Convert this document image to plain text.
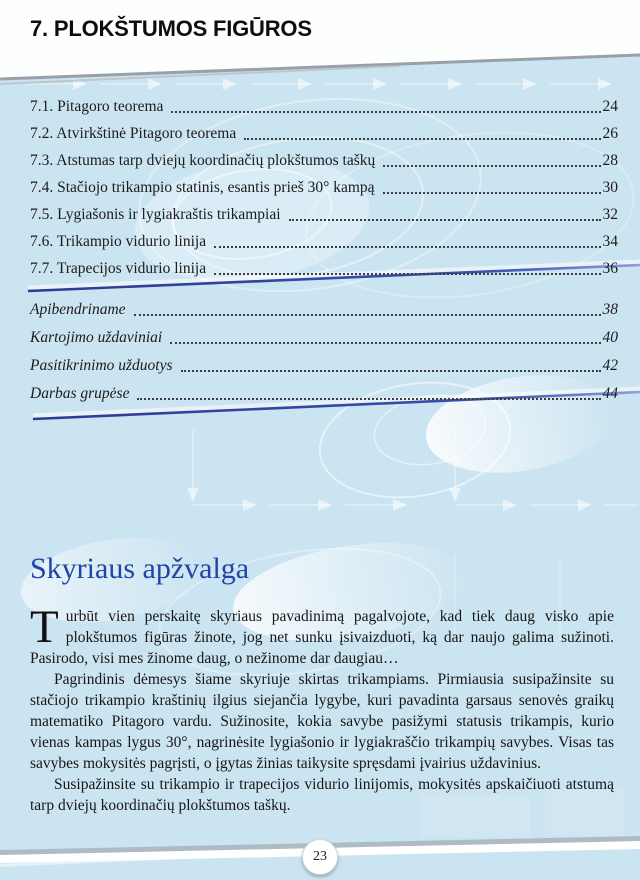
7. PLOKŠTUMOS FIGŪROS
7.1. Pitagoro teorema	24
7.2. Atvirkštinė Pitagoro teorema	26
7.3. Atstumas tarp dviejų koordinačių plokštumos taškų	28
7.4. Stačiojo trikampio statinis, esantis prieš 30° kampą	30
7.5. Lygiašonis ir lygiakraštis trikampiai	32
7.6. Trikampio vidurio linija	34
7.7. Trapecijos vidurio linija	36
Apibendriname	38
Kartojimo uždaviniai	40
Pasitikrinimo užduotys	42
Darbas grupėse	44
Skyriaus apžvalga

Turbūt vien perskaitę skyriaus pavadinimą pagalvojote, kad tiek daug visko apie plokštumos figūras žinote, jog net sunku įsivaizduoti, ką dar naujo galima sužinoti. Pasirodo, visi mes žinome daug, o nežinome dar daugiau…

Pagrindinis dėmesys šiame skyriuje skirtas trikampiams. Pirmiausia susipažinsite su stačiojo trikampio kraštinių ilgius siejančia lygybe, kuri pavadinta garsaus senovės graikų matematiko Pitagoro vardu. Sužinosite, kokia savybe pasižymi statusis trikampis, kurio vienas kampas lygus 30°, nagrinėsite lygiašonio ir lygiakraščio trikampių savybes. Visas tas savybes mokysitės pagrįsti, o įgytas žinias taikysite spręsdami įvairius uždavinius.

Susipažinsite su trikampio ir trapecijos vidurio linijomis, mokysitės apskaičiuoti atstumą tarp dviejų koordinačių plokštumos taškų.

23
